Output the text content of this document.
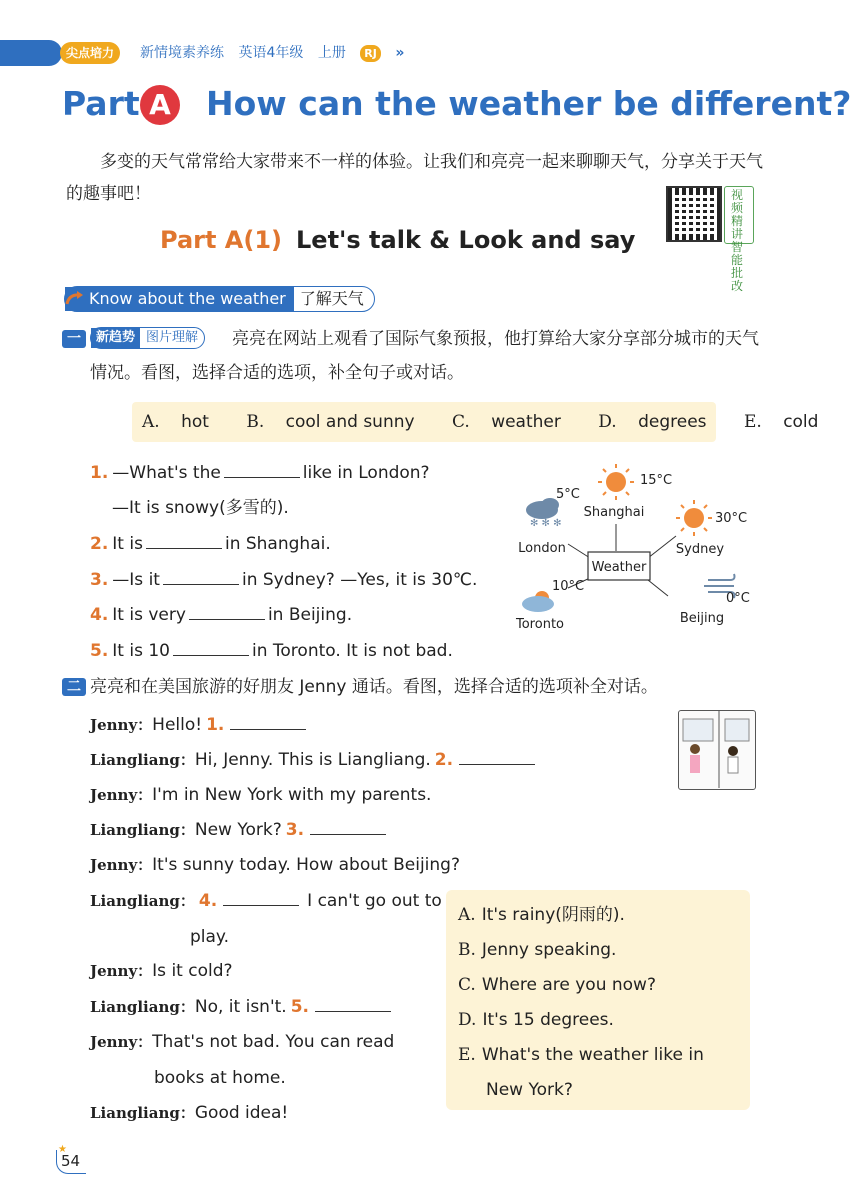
尖点培力	新情境素养练 英语4年级 上册 RJ »
Part A How can the weather be different?
多变的天气常常给大家带来不一样的体验。让我们和亮亮一起来聊聊天气，分享关于天气的趣事吧！	视频精讲智能批改
Part A(1) Let's talk & Look and say
Know about the weather 了解天气
一	亮亮在网站上观看了国际气象预报，他打算给大家分享部分城市的天气情况。看图，选择合适的选项，补全句子或对话。
新趋势 图片理解
A. hot B. cool and sunny C. weather D. degrees E. cold
1. —What's the	like in London?
—It is snowy(多雪的).
2. It is	in Shanghai.
3. —Is it	in Sydney? —Yes, it is 30℃.
4. It is very	in Beijing.
5. It is 10	in Toronto. It is not bad.
Weather
15°C
Shanghai
✻ ✻ ✻
5°C
London
30°C
Sydney
10°C
Toronto
0°C
Beijing
二 亮亮和在美国旅游的好朋友 Jenny 通话。看图，选择合适的选项补全对话。
Jenny：Hello! 1.
Liangliang：Hi, Jenny. This is Liangliang. 2.
Jenny：I'm in New York with my parents.
Liangliang：New York? 3.
Jenny：It's sunny today. How about Beijing?
Liangliang： 4.	I can't go out to
play.
Jenny：Is it cold?
Liangliang：No, it isn't. 5.
Jenny：That's not bad. You can read
books at home.
Liangliang：Good idea!
A. It's rainy(阴雨的).
B. Jenny speaking.
C. Where are you now?
D. It's 15 degrees.
E. What's the weather like in
New York?
54
★
